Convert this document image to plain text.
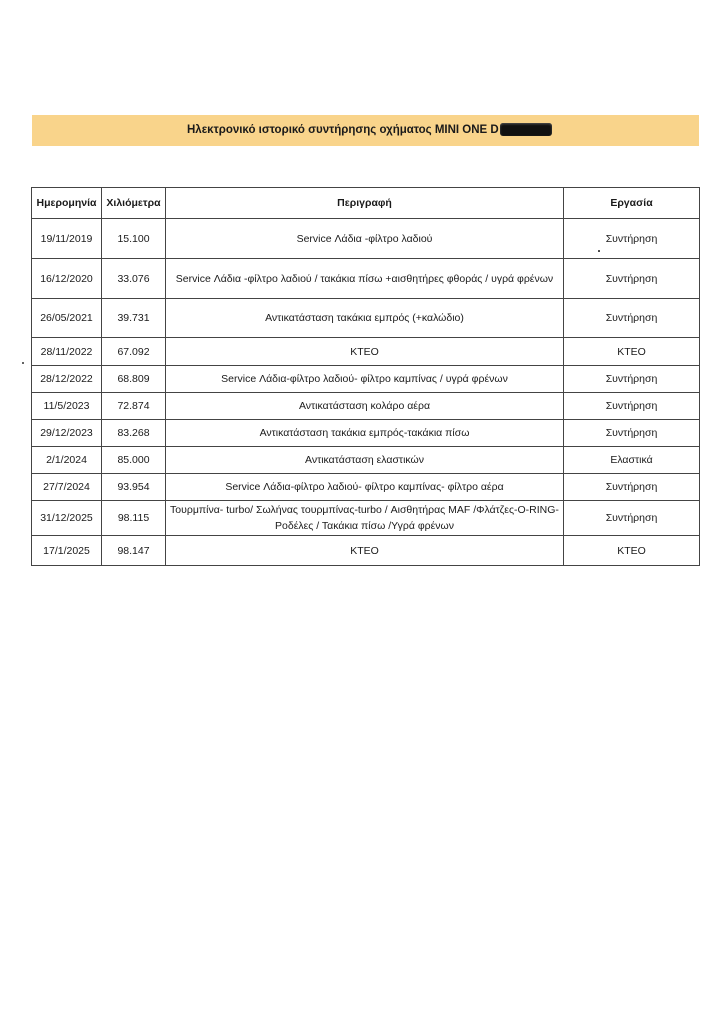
Ηλεκτρονικό ιστορικό συντήρησης οχήματος MINI ONE D
Ημερομηνία	Χιλιόμετρα	Περιγραφή	Εργασία
19/11/2019	15.100	Service Λάδια -φίλτρο λαδιού	Συντήρηση
16/12/2020	33.076	Service Λάδια -φίλτρο λαδιού / τακάκια πίσω +αισθητήρες φθοράς / υγρά φρένων	Συντήρηση
26/05/2021	39.731	Αντικατάσταση τακάκια εμπρός (+καλώδιο)	Συντήρηση
28/11/2022	67.092	ΚΤΕΟ	ΚΤΕΟ
28/12/2022	68.809	Service Λάδια-φίλτρο λαδιού- φίλτρο καμπίνας / υγρά φρένων	Συντήρηση
11/5/2023	72.874	Αντικατάσταση κολάρο αέρα	Συντήρηση
29/12/2023	83.268	Αντικατάσταση τακάκια εμπρός-τακάκια πίσω	Συντήρηση
2/1/2024	85.000	Αντικατάσταση ελαστικών	Ελαστικά
27/7/2024	93.954	Service Λάδια-φίλτρο λαδιού- φίλτρο καμπίνας- φίλτρο αέρα	Συντήρηση
31/12/2025	98.115	Τουρμπίνα- turbo/ Σωλήνας τουρμπίνας-turbo / Αισθητήρας MAF /Φλάτζες-O-RING-Ροδέλες / Τακάκια πίσω /Υγρά φρένων	Συντήρηση
17/1/2025	98.147	ΚΤΕΟ	ΚΤΕΟ
